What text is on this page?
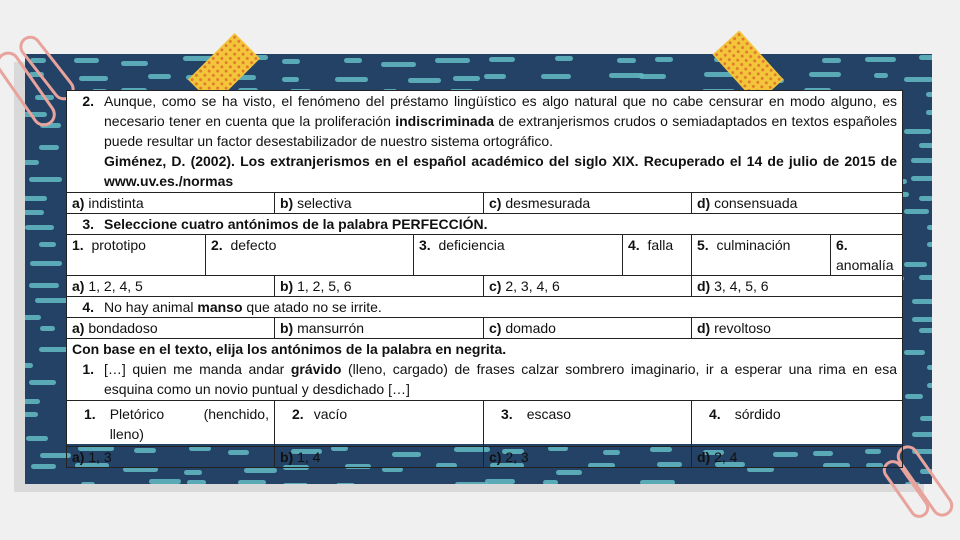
2. Aunque, como se ha visto, el fenómeno del préstamo lingüístico es algo natural que no cabe censurar en modo alguno, es necesario tener en cuenta que la proliferación indiscriminada de extranjerismos crudos o semiadaptados en textos españoles puede resultar un factor desestabilizador de nuestro sistema ortográfico.
Giménez, D. (2002). Los extranjerismos en el español académico del siglo XIX. Recuperado el 14 de julio de 2015 de www.uv.es./normas							

a) indistinta		b) selectiva		c) desmesurada		d) consensuada	
3. Seleccione cuatro antónimos de la palabra PERFECCIÓN.							
1. prototipo	2. defecto		3. deficiencia		4. falla	5. culminación	6.  anomalía
a) 1, 2, 4, 5		b) 1, 2, 5, 6		c) 2, 3, 4, 6		d) 3, 4, 5, 6	
4. No hay animal manso que atado no se irrite.							
a) bondadoso		b) mansurrón		c) domado		d) revoltoso	
Con base en el texto, elija los antónimos de la palabra en negrita.
1. […] quien me manda andar grávido (lleno, cargado) de frases calzar sombrero imaginario, ir a esperar una rima en esa esquina como un novio puntual y desdichado […]							

1. Pletórico (henchido, lleno)		2. vacío		3. escaso		4. sórdido	
a) 1, 3		b) 1, 4		c) 2, 3		d) 2, 4	
